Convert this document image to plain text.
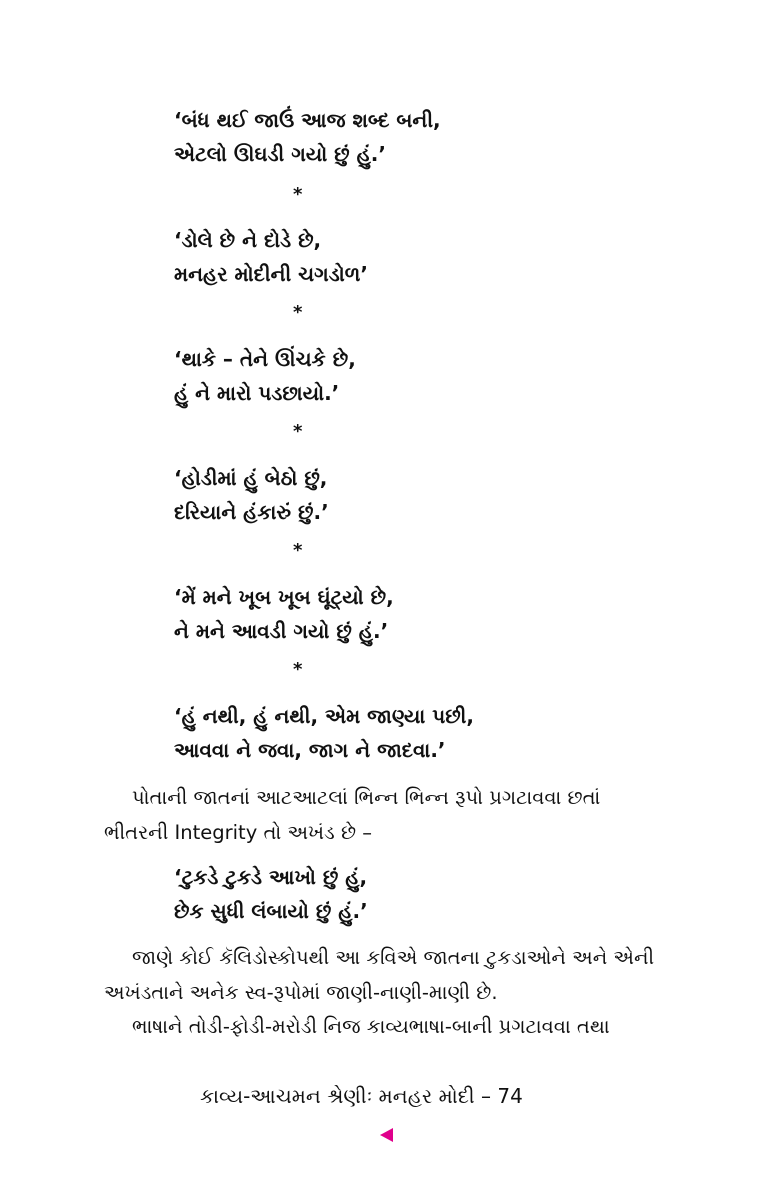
‘બંધ થઈ જાઉં આજ શબ્દ બની,
એટલો ઊઘડી ગયો છું હું.’
*
‘ડોલે છે ને દોડે છે,
મનહર મોદીની ચગડોળ’
*
‘થાકે – તેને ઊંચકે છે,
હું ને મારો પડછાયો.’
*
‘હોડીમાં હું બેઠો છું,
દરિયાને હંકારું છું.’
*
‘મેં મને ખૂબ ખૂબ ઘૂંટ્યો છે,
ને મને આવડી ગયો છું હું.’
*
‘હું નથી, હું નથી, એમ જાણ્યા પછી,
આવવા ને જવા, જાગ ને જાદવા.’
પોતાની જાતનાં આટઆટલાં ભિન્ન ભિન્ન રૂપો પ્રગટાવવા છતાં
ભીતરની Integrity તો અખંડ છે –
‘ટુકડે ટુકડે આખો છું હું,
છેક સુધી લંબાયો છું હું.’
જાણે કોઈ કૅલિડોસ્કોપથી આ કવિએ જાતના ટુકડાઓને અને એની
અખંડતાને અનેક સ્વ-રૂપોમાં જાણી-નાણી-માણી છે.
ભાષાને તોડી-ફોડી-મરોડી નિજ કાવ્યભાષા-બાની પ્રગટાવવા તથા
કાવ્ય-આચમન શ્રેણીઃ મનહર મોદી – 74
